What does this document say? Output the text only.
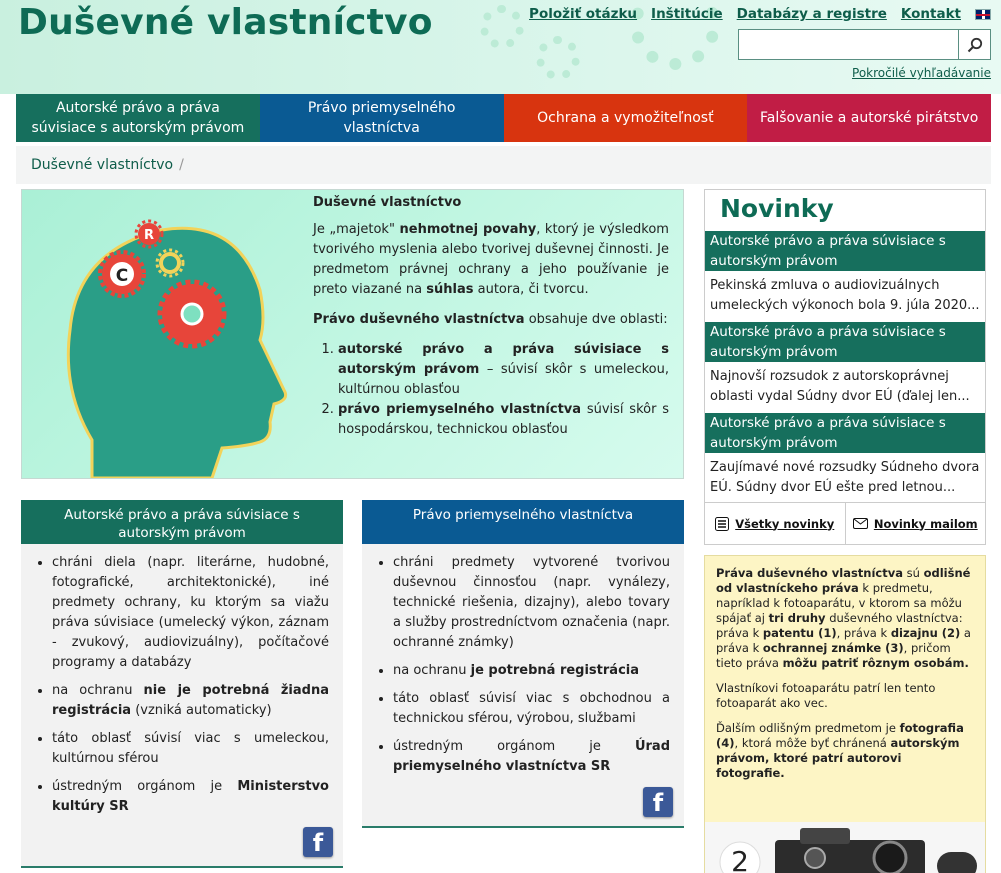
Duševné vlastníctvo	Položiť otázku Inštitúcie Databázy a registre Kontakt
Pokročilé vyhľadávanie
Autorské právo a práva súvisiace s autorským právom
Právo priemyselného vlastníctva
Ochrana a vymožiteľnosť	Falšovanie a autorské pirátstvo
Duševné vlastníctvo /
C
R
Duševné vlastníctvo

Je „majetok" nehmotnej povahy, ktorý je výsledkom tvorivého myslenia alebo tvorivej duševnej činnosti. Je predmetom právnej ochrany a jeho používanie je preto viazané na súhlas autora, či tvorcu.

Právo duševného vlastníctva obsahuje dve oblasti:

1. autorské právo a práva súvisiace s autorským právom – súvisí skôr s umeleckou, kultúrnou oblasťou
2. právo priemyselného vlastníctva súvisí skôr s hospodárskou, technickou oblasťou
Autorské právo a práva súvisiace s autorským právom
• chráni diela (napr. literárne, hudobné, fotografické, architektonické), iné predmety ochrany, ku ktorým sa viažu práva súvisiace (umelecký výkon, záznam - zvukový, audiovizuálny), počítačové programy a databázy
• na ochranu nie je potrebná žiadna registrácia (vzniká automaticky)
• táto oblasť súvisí viac s umeleckou, kultúrnou sférou
• ústredným orgánom je Ministerstvo kultúry SR
f
Právo priemyselného vlastníctva
• chráni predmety vytvorené tvorivou duševnou činnosťou (napr. vynálezy, technické riešenia, dizajny), alebo tovary a služby prostredníctvom označenia (napr. ochranné známky)
• na ochranu je potrebná registrácia
• táto oblasť súvisí viac s obchodnou a technickou sférou, výrobou, službami
• ústredným orgánom je Úrad priemyselného vlastníctva SR
f
Novinky
Autorské právo a práva súvisiace s autorským právom
Pekinská zmluva o audiovizuálnych umeleckých výkonoch bola 9. júla 2020...
Autorské právo a práva súvisiace s autorským právom
Najnovší rozsudok z autorskoprávnej oblasti vydal Súdny dvor EÚ (ďalej len...
Autorské právo a práva súvisiace s autorským právom
Zaujímavé nové rozsudky Súdneho dvora EÚ. Súdny dvor EÚ ešte pred letnou...
Všetky novinky	Novinky mailom

Práva duševného vlastníctva sú odlišné od vlastníckeho práva k predmetu, napríklad k fotoaparátu, v ktorom sa môžu spájať aj tri druhy duševného vlastníctva: práva k patentu (1), práva k dizajnu (2) a práva k ochrannej známke (3), pričom tieto práva môžu patriť rôznym osobám.

Vlastníkovi fotoaparátu patrí len tento fotoaparát ako vec.

Ďalším odlišným predmetom je fotografia (4), ktorá môže byť chránená autorským právom, ktoré patrí autorovi fotografie.

2
